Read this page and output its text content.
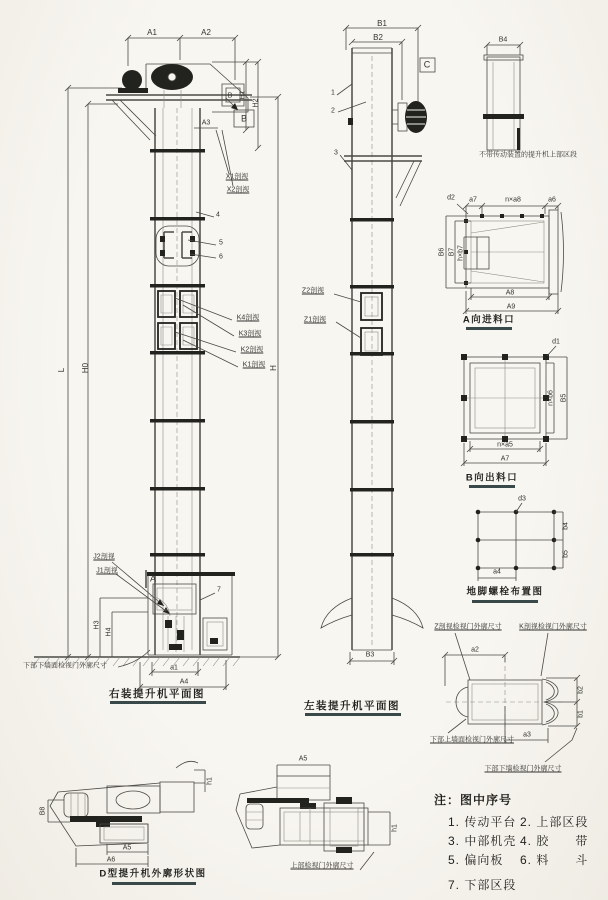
A1	A2
H1
H2
A3
B
B
X1剖视
X2剖视
4
5
6
K4剖视
K3剖视
K2剖视
K1剖视
L H0	H
J2剖视
J1剖视
A
7
H3
H4
a1
A4
下部下墙面检视门外廓尺寸
右装提升机平面图
B1
B2
C
1
2
3
Z2剖视
Z1剖视
B3
左装提升机平面图
B4
不带传动装置的提升机上部区段
d2 a7	n×a8	a6
B6 B7 h×b7
A8
A9
A向进料口
d1
n×b6 B5
n×a5
A7
B向出料口
d3
b4
b5
a4
地脚螺栓布置图
Z剖视检视门外廓尺寸	K剖视检视门外廓尺寸
a2
b2
b1
a3
下部上墙面检视门外廓尺寸
下部下墙检视门外廓尺寸
B8
A5
A6
h1
A5
h1
上部检视门外廓尺寸
D型提升机外廓形状图
注：图中序号
1. 传动平台 2. 上部区段
3. 中部机壳 4. 胶　　带
5. 偏向板 6. 料　　斗
7. 下部区段
